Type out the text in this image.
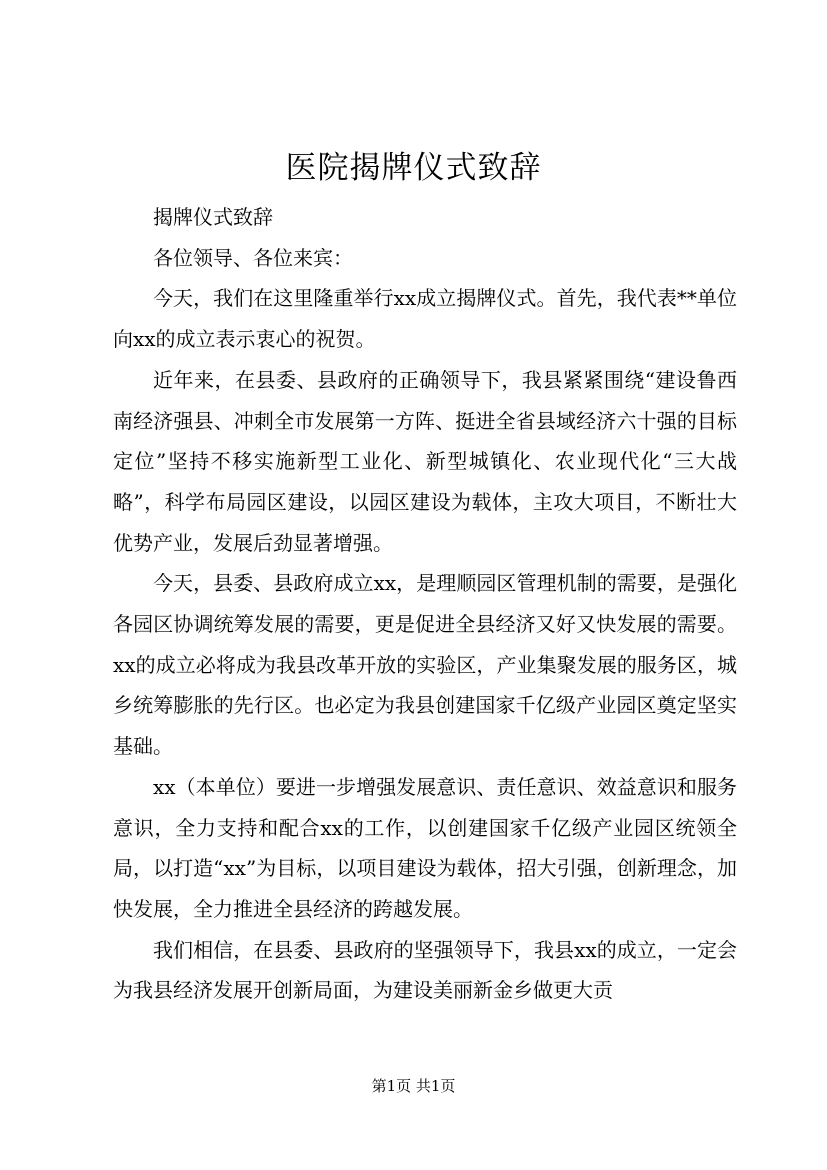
医院揭牌仪式致辞

揭牌仪式致辞

各位领导、各位来宾：

今天，我们在这里隆重举行xx成立揭牌仪式。首先，我代表**单位向xx的成立表示衷心的祝贺。

近年来，在县委、县政府的正确领导下，我县紧紧围绕“建设鲁西南经济强县、冲刺全市发展第一方阵、挺进全省县域经济六十强的目标定位”坚持不移实施新型工业化、新型城镇化、农业现代化“三大战略”，科学布局园区建设，以园区建设为载体，主攻大项目，不断壮大优势产业，发展后劲显著增强。

今天，县委、县政府成立xx，是理顺园区管理机制的需要，是强化各园区协调统筹发展的需要，更是促进全县经济又好又快发展的需要。xx的成立必将成为我县改革开放的实验区，产业集聚发展的服务区，城乡统筹膨胀的先行区。也必定为我县创建国家千亿级产业园区奠定坚实基础。

xx（本单位）要进一步增强发展意识、责任意识、效益意识和服务意识，全力支持和配合xx的工作，以创建国家千亿级产业园区统领全局，以打造“xx”为目标，以项目建设为载体，招大引强，创新理念，加快发展，全力推进全县经济的跨越发展。

我们相信，在县委、县政府的坚强领导下，我县xx的成立，一定会为我县经济发展开创新局面，为建设美丽新金乡做更大贡

第1页 共1页
